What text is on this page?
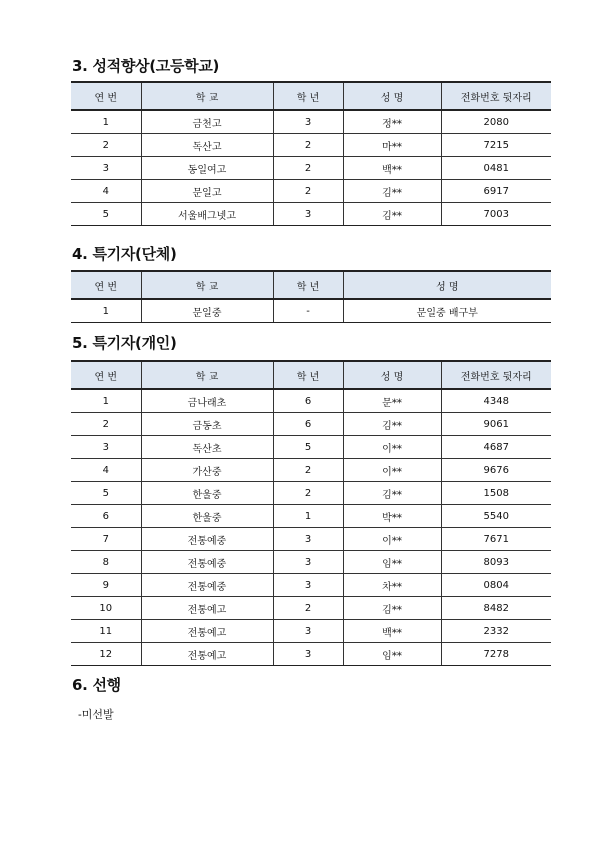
3. 성적향상(고등학교)
연 번	학 교	학 년	성 명	전화번호 뒷자리
1	금천고	3	정**	2080
2	독산고	2	마**	7215
3	동일여고	2	백**	0481
4	문일고	2	김**	6917
5	서울배그넷고	3	김**	7003
4. 특기자(단체)
연 번	학 교	학 년	성 명
1	문일중	-	문일중 배구부
5. 특기자(개인)
연 번	학 교	학 년	성 명	전화번호 뒷자리
1	금나래초	6	문**	4348
2	금동초	6	김**	9061
3	독산초	5	이**	4687
4	가산중	2	이**	9676
5	한울중	2	김**	1508
6	한울중	1	박**	5540
7	전통예중	3	이**	7671
8	전통예중	3	임**	8093
9	전통예중	3	차**	0804
10	전통예고	2	김**	8482
11	전통예고	3	백**	2332
12	전통예고	3	임**	7278
6. 선행
-미선발
